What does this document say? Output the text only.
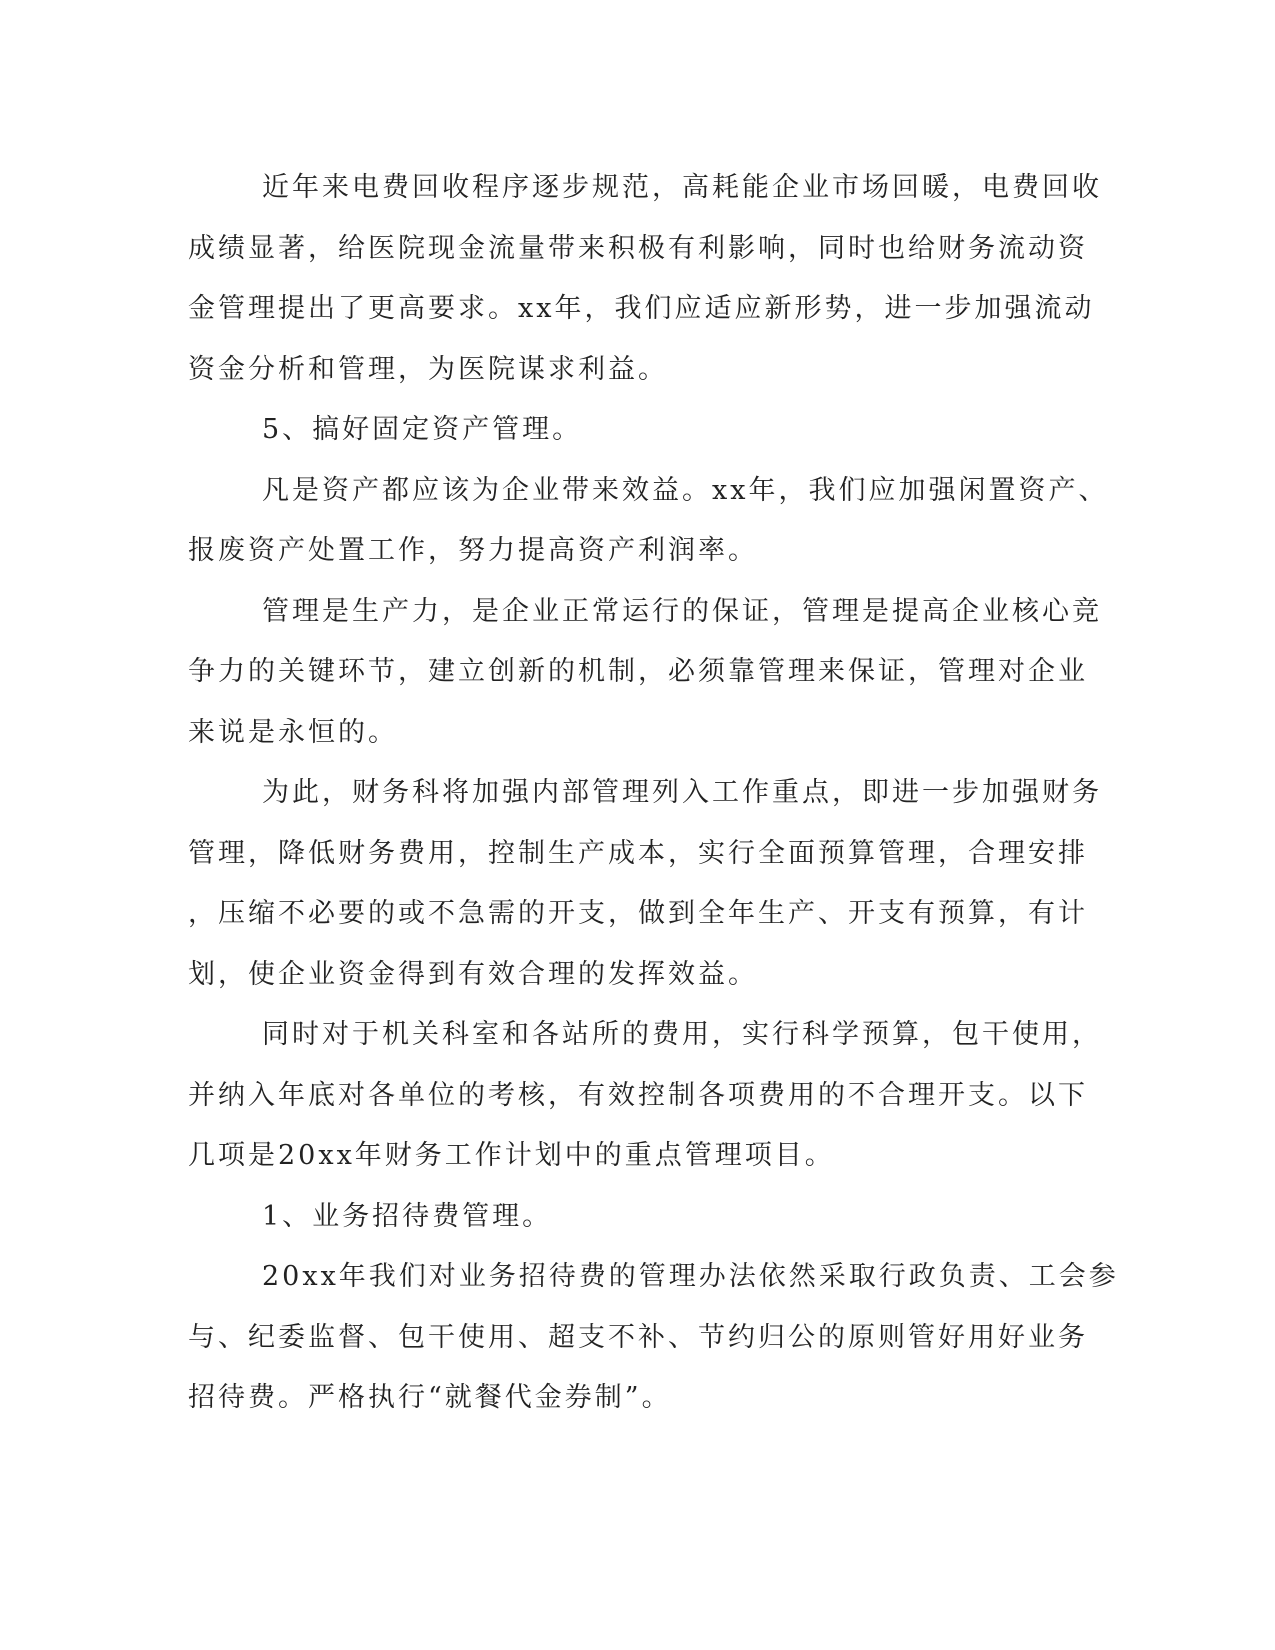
近年来电费回收程序逐步规范，高耗能企业市场回暖，电费回收
成绩显著，给医院现金流量带来积极有利影响，同时也给财务流动资
金管理提出了更高要求。xx年，我们应适应新形势，进一步加强流动
资金分析和管理，为医院谋求利益。
5、搞好固定资产管理。
凡是资产都应该为企业带来效益。xx年，我们应加强闲置资产、
报废资产处置工作，努力提高资产利润率。
管理是生产力，是企业正常运行的保证，管理是提高企业核心竞
争力的关键环节，建立创新的机制，必须靠管理来保证，管理对企业
来说是永恒的。
为此，财务科将加强内部管理列入工作重点，即进一步加强财务
管理，降低财务费用，控制生产成本，实行全面预算管理，合理安排
，压缩不必要的或不急需的开支，做到全年生产、开支有预算，有计
划，使企业资金得到有效合理的发挥效益。
同时对于机关科室和各站所的费用，实行科学预算，包干使用，
并纳入年底对各单位的考核，有效控制各项费用的不合理开支。以下
几项是20xx年财务工作计划中的重点管理项目。
1、业务招待费管理。
20xx年我们对业务招待费的管理办法依然采取行政负责、工会参
与、纪委监督、包干使用、超支不补、节约归公的原则管好用好业务
招待费。严格执行“就餐代金券制”。
